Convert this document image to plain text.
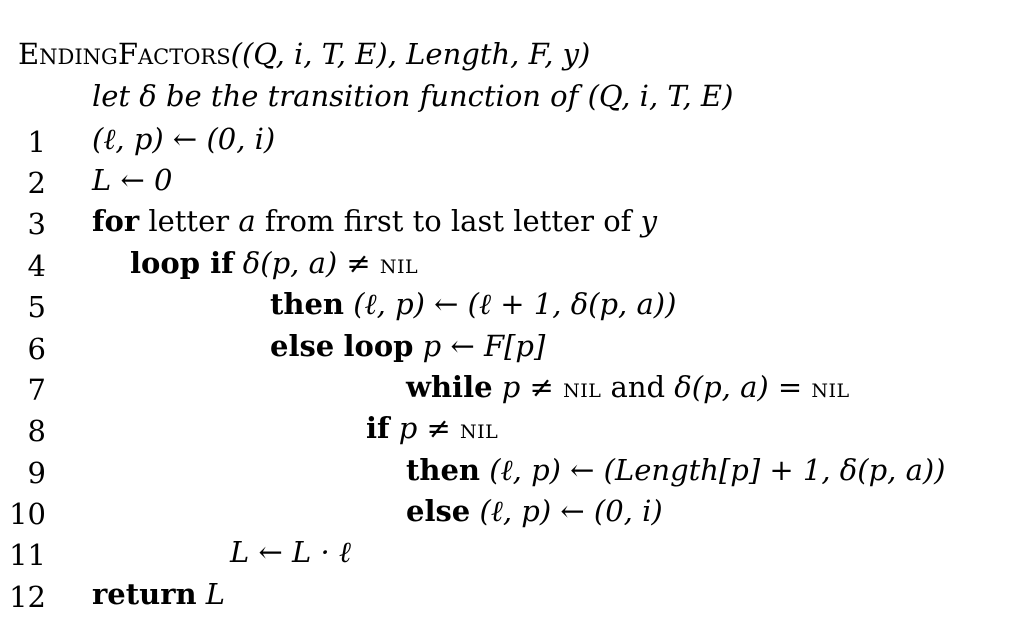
ENDINGFACTORS((Q, i, T, E), Length, F, y)
let δ be the transition function of (Q, i, T, E)
1 (ℓ, p) ← (0, i)
2 L ← 0
3 for letter a from first to last letter of y
4	loop if δ(p, a) ≠ NIL
5	then (ℓ, p) ← (ℓ + 1, δ(p, a))
6	else loop p ← F[p]
7	while p ≠ NIL and δ(p, a) = NIL
8	if p ≠ NIL
9	then (ℓ, p) ← (Length[p] + 1, δ(p, a))
10	else (ℓ, p) ← (0, i)
11	L ← L · ℓ
12 return L
